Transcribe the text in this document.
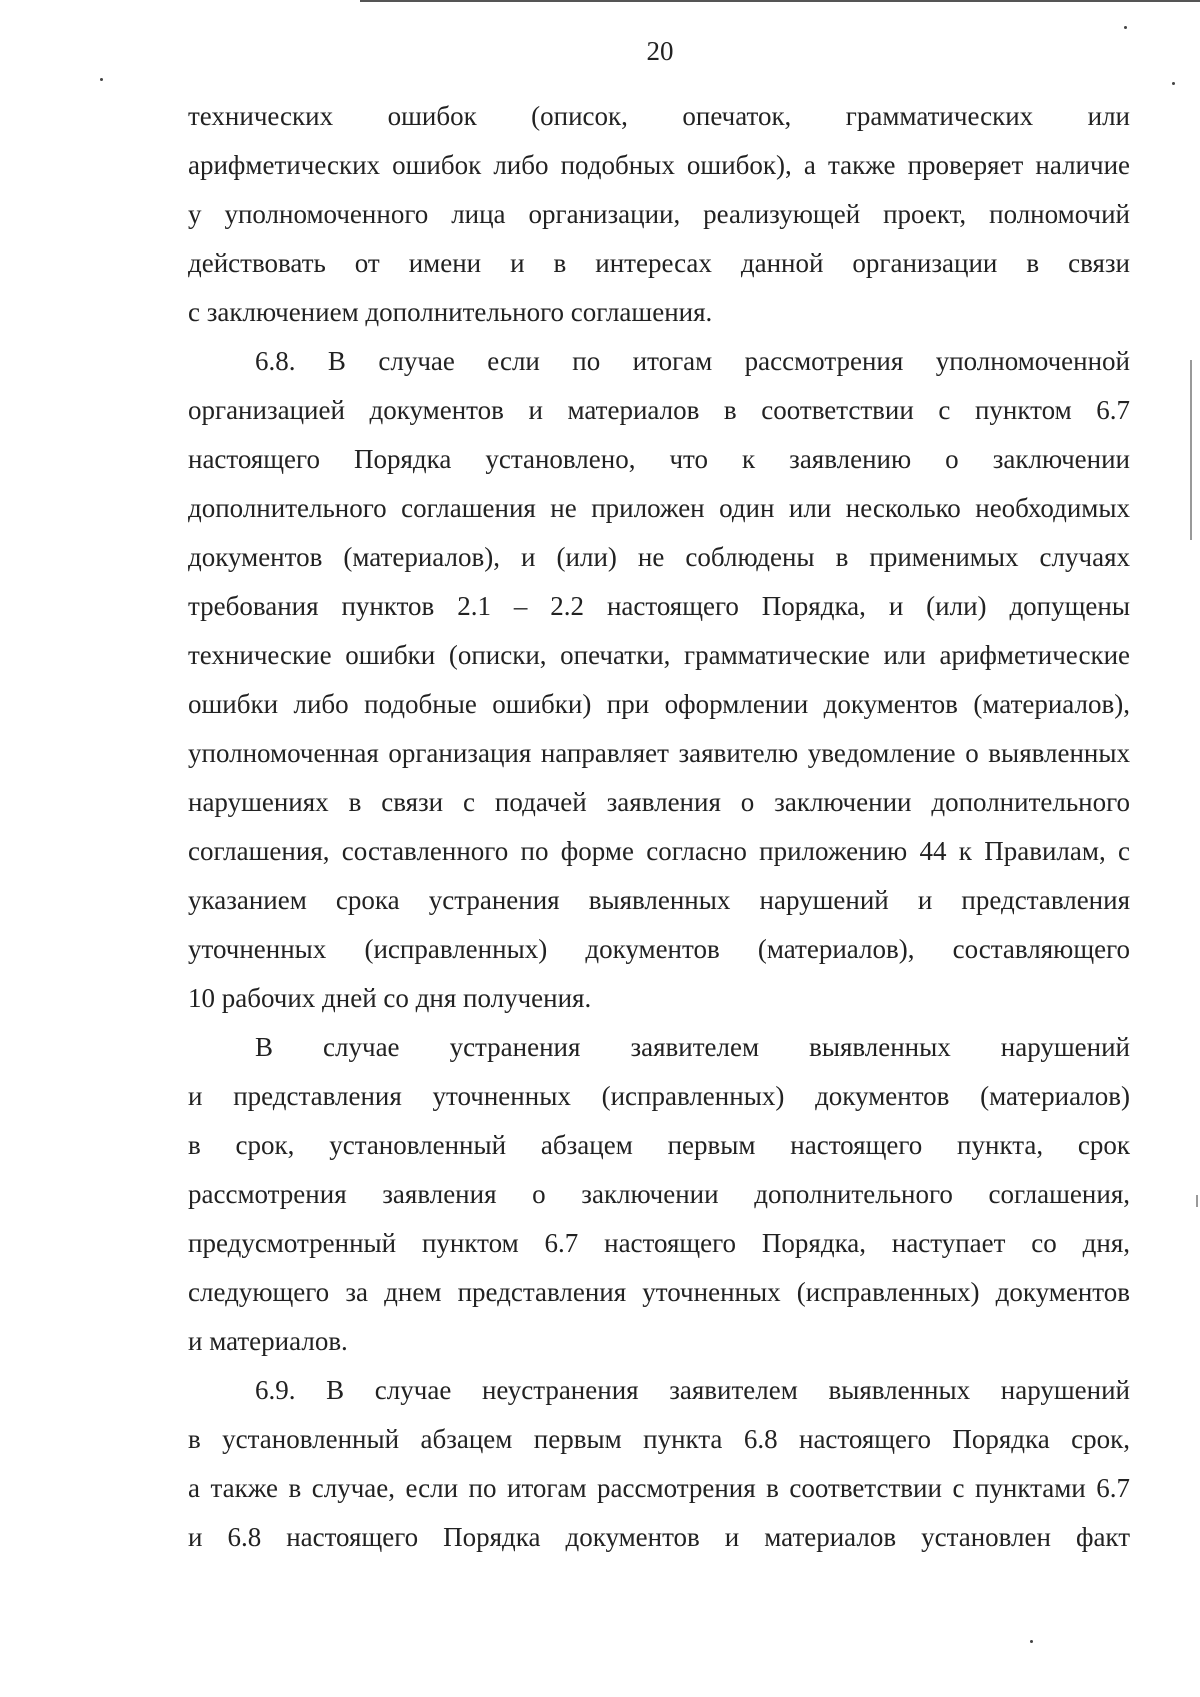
20

технических ошибок (описок, опечаток, грамматических или

арифметических ошибок либо подобных ошибок), а также проверяет наличие

у уполномоченного лица организации, реализующей проект, полномочий

действовать от имени и в интересах данной организации в связи

с заключением дополнительного соглашения.

6.8. В случае если по итогам рассмотрения уполномоченной

организацией документов и материалов в соответствии с пунктом 6.7

настоящего Порядка установлено, что к заявлению о заключении

дополнительного соглашения не приложен один или несколько необходимых

документов (материалов), и (или) не соблюдены в применимых случаях

требования пунктов 2.1 – 2.2 настоящего Порядка, и (или) допущены

технические ошибки (описки, опечатки, грамматические или арифметические

ошибки либо подобные ошибки) при оформлении документов (материалов),

уполномоченная организация направляет заявителю уведомление о выявленных

нарушениях в связи с подачей заявления о заключении дополнительного

соглашения, составленного по форме согласно приложению 44 к Правилам, с

указанием срока устранения выявленных нарушений и представления

уточненных (исправленных) документов (материалов), составляющего

10 рабочих дней со дня получения.

В случае устранения заявителем выявленных нарушений

и представления уточненных (исправленных) документов (материалов)

в срок, установленный абзацем первым настоящего пункта, срок

рассмотрения заявления о заключении дополнительного соглашения,

предусмотренный пунктом 6.7 настоящего Порядка, наступает со дня,

следующего за днем представления уточненных (исправленных) документов

и материалов.

6.9. В случае неустранения заявителем выявленных нарушений

в установленный абзацем первым пункта 6.8 настоящего Порядка срок,

а также в случае, если по итогам рассмотрения в соответствии с пунктами 6.7

и 6.8 настоящего Порядка документов и материалов установлен факт
